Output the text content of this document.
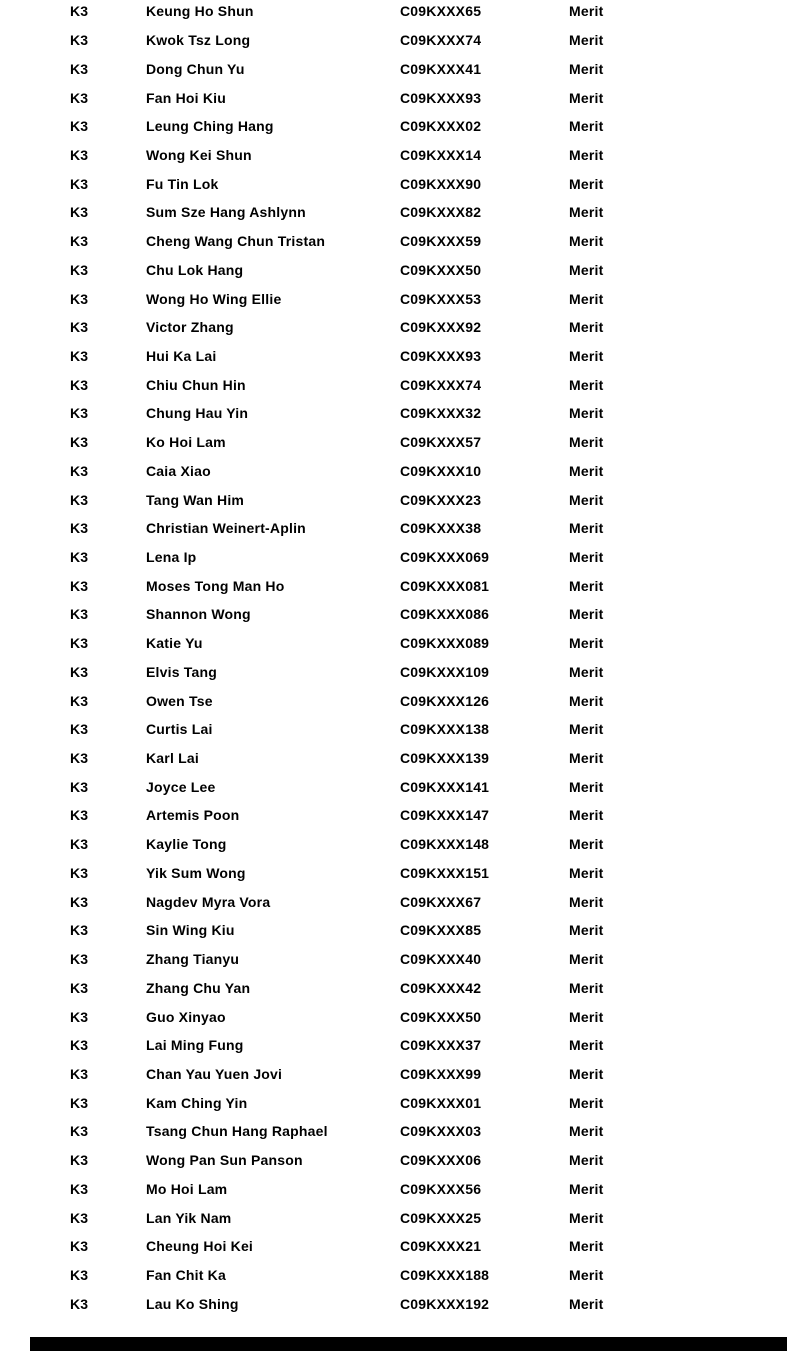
K3	Keung Ho Shun	C09KXXX65	Merit
K3	Kwok Tsz Long	C09KXXX74	Merit
K3	Dong Chun Yu	C09KXXX41	Merit
K3	Fan Hoi Kiu	C09KXXX93	Merit
K3	Leung Ching Hang	C09KXXX02	Merit
K3	Wong Kei Shun	C09KXXX14	Merit
K3	Fu Tin Lok	C09KXXX90	Merit
K3	Sum Sze Hang Ashlynn	C09KXXX82	Merit
K3	Cheng Wang Chun Tristan	C09KXXX59	Merit
K3	Chu Lok Hang	C09KXXX50	Merit
K3	Wong Ho Wing Ellie	C09KXXX53	Merit
K3	Victor Zhang	C09KXXX92	Merit
K3	Hui Ka Lai	C09KXXX93	Merit
K3	Chiu Chun Hin	C09KXXX74	Merit
K3	Chung Hau Yin	C09KXXX32	Merit
K3	Ko Hoi Lam	C09KXXX57	Merit
K3	Caia Xiao	C09KXXX10	Merit
K3	Tang Wan Him	C09KXXX23	Merit
K3	Christian Weinert-Aplin	C09KXXX38	Merit
K3	Lena Ip	C09KXXX069	Merit
K3	Moses Tong Man Ho	C09KXXX081	Merit
K3	Shannon Wong	C09KXXX086	Merit
K3	Katie Yu	C09KXXX089	Merit
K3	Elvis Tang	C09KXXX109	Merit
K3	Owen Tse	C09KXXX126	Merit
K3	Curtis Lai	C09KXXX138	Merit
K3	Karl Lai	C09KXXX139	Merit
K3	Joyce Lee	C09KXXX141	Merit
K3	Artemis Poon	C09KXXX147	Merit
K3	Kaylie Tong	C09KXXX148	Merit
K3	Yik Sum Wong	C09KXXX151	Merit
K3	Nagdev Myra Vora	C09KXXX67	Merit
K3	Sin Wing Kiu	C09KXXX85	Merit
K3	Zhang Tianyu	C09KXXX40	Merit
K3	Zhang Chu Yan	C09KXXX42	Merit
K3	Guo Xinyao	C09KXXX50	Merit
K3	Lai Ming Fung	C09KXXX37	Merit
K3	Chan Yau Yuen Jovi	C09KXXX99	Merit
K3	Kam Ching Yin	C09KXXX01	Merit
K3	Tsang Chun Hang Raphael	C09KXXX03	Merit
K3	Wong Pan Sun Panson	C09KXXX06	Merit
K3	Mo Hoi Lam	C09KXXX56	Merit
K3	Lan Yik Nam	C09KXXX25	Merit
K3	Cheung Hoi Kei	C09KXXX21	Merit
K3	Fan Chit Ka	C09KXXX188	Merit
K3	Lau Ko Shing	C09KXXX192	Merit
